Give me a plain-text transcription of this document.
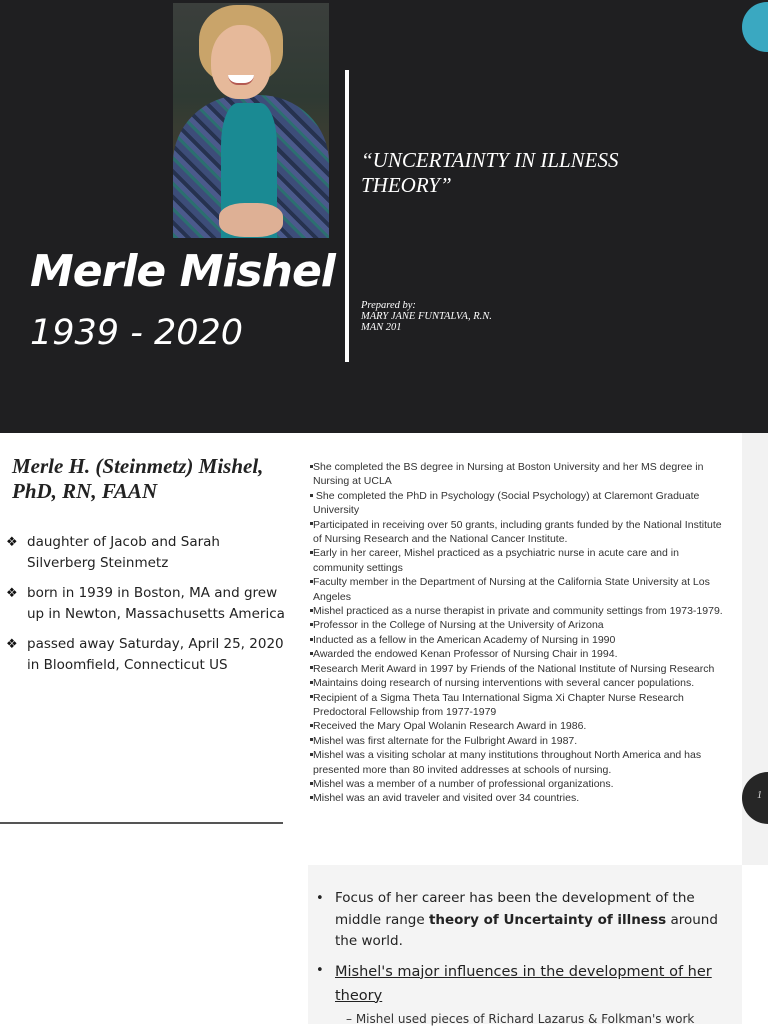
Merle Mishel

1939 - 2020

“UNCERTAINTY IN ILLNESS
THEORY”
Prepared by:
MARY JANE FUNTALVA, R.N.
MAN 201
Merle H. (Steinmetz) Mishel, PhD, RN, FAAN
❖ daughter of Jacob and Sarah Silverberg Steinmetz
❖ born in 1939 in Boston, MA and grew up in Newton, Massachusetts America
❖ passed away Saturday, April 25, 2020 in Bloomfield, Connecticut US
She completed the BS degree in Nursing at Boston University and her MS degree in Nursing at UCLA
She completed the PhD in Psychology (Social Psychology) at Claremont Graduate University
Participated in receiving over 50 grants, including grants funded by the National Institute of Nursing Research and the National Cancer Institute.
Early in her career, Mishel practiced as a psychiatric nurse in acute care and in community settings
Faculty member in the Department of Nursing at the California State University at Los Angeles
Mishel practiced as a nurse therapist in private and community settings from 1973-1979.
Professor in the College of Nursing at the University of Arizona
Inducted as a fellow in the American Academy of Nursing in 1990
Awarded the endowed Kenan Professor of Nursing Chair in 1994.
Research Merit Award in 1997 by Friends of the National Institute of Nursing Research
Maintains doing research of nursing interventions with several cancer populations.
Recipient of a Sigma Theta Tau International Sigma Xi Chapter Nurse Research Predoctoral Fellowship from 1977-1979
Received the Mary Opal Wolanin Research Award in 1986.
Mishel was first alternate for the Fulbright Award in 1987.
Mishel was a visiting scholar at many institutions throughout North America and has presented more than 80 invited addresses at schools of nursing.
Mishel was a member of a number of professional organizations.
Mishel was an avid traveler and visited over 34 countries.	1
• Focus of her career has been the development of the middle range theory of Uncertainty of illness around the world.
• Mishel's major influences in the development of her theory
– Mishel used pieces of Richard Lazarus & Folkman's work
